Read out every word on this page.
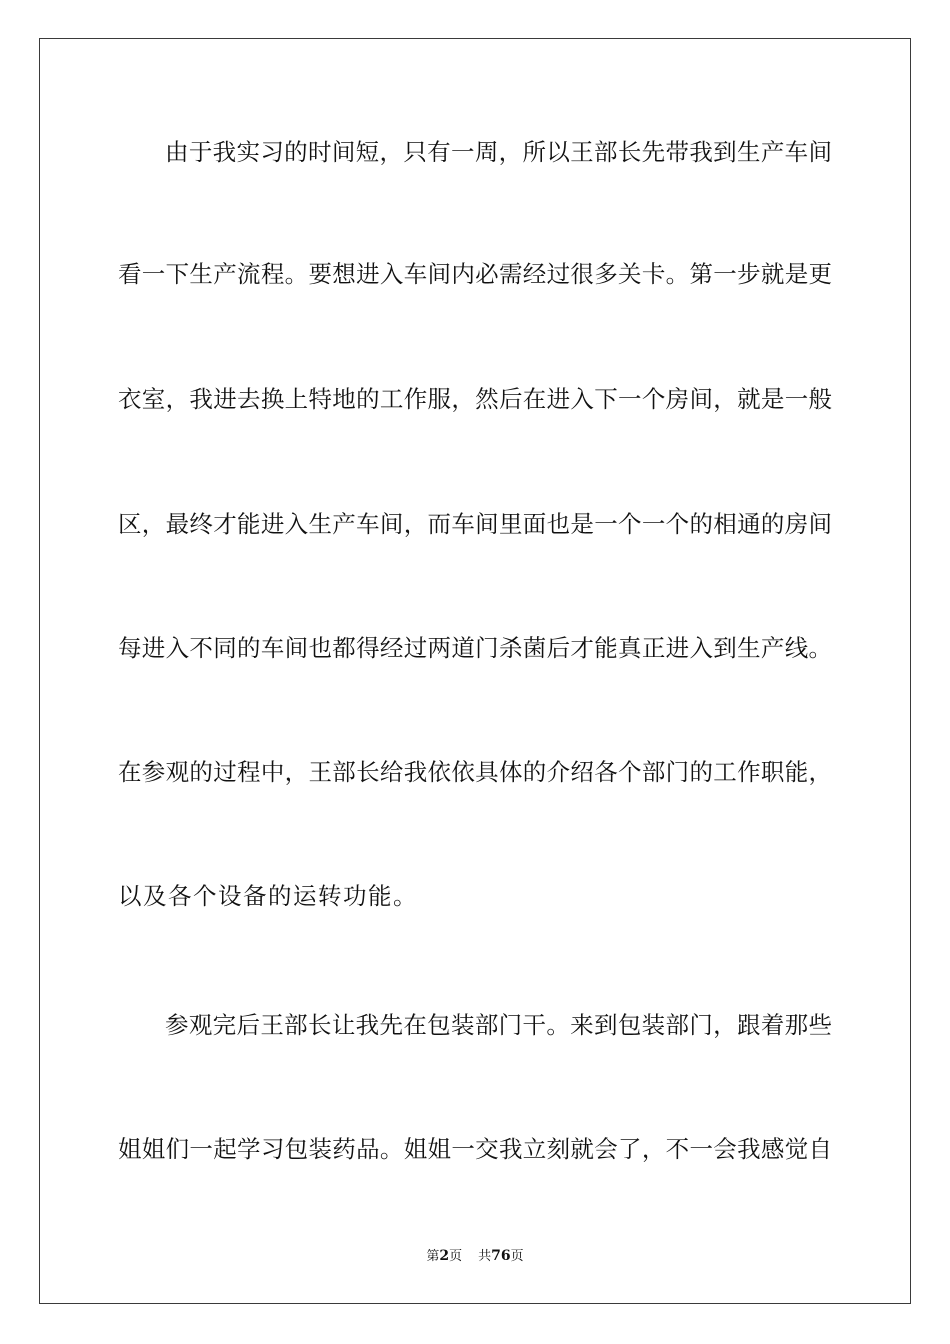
由于我实习的时间短，只有一周，所以王部长先带我到生产车间
看一下生产流程。要想进入车间内必需经过很多关卡。第一步就是更
衣室，我进去换上特地的工作服，然后在进入下一个房间，就是一般
区，最终才能进入生产车间，而车间里面也是一个一个的相通的房间
每进入不同的车间也都得经过两道门杀菌后才能真正进入到生产线。
在参观的过程中，王部长给我依依具体的介绍各个部门的工作职能，
以及各个设备的运转功能。
参观完后王部长让我先在包装部门干。来到包装部门，跟着那些
姐姐们一起学习包装药品。姐姐一交我立刻就会了，不一会我感觉自
第2页 共76页
